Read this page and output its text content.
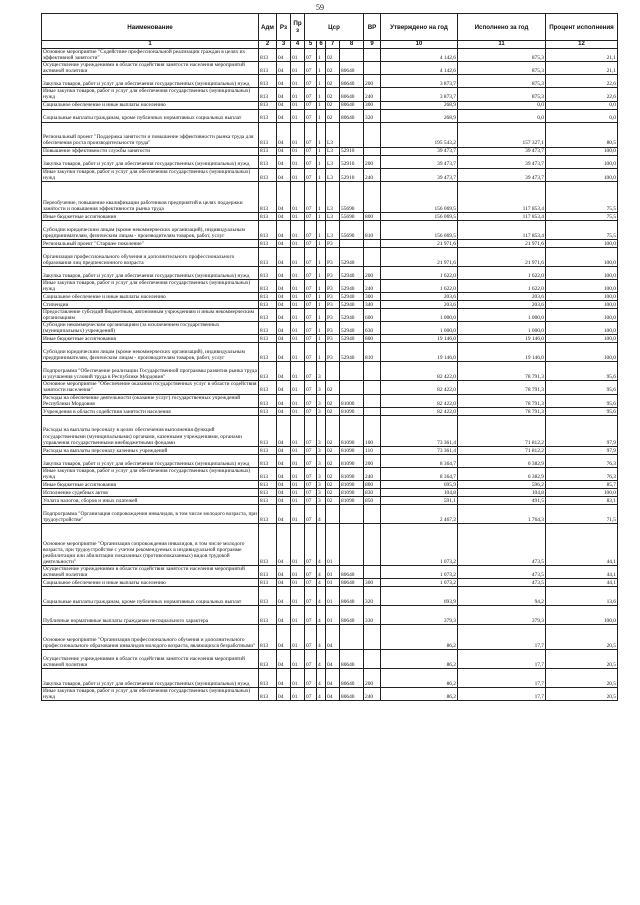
59
Наименование	Адм	Рз	Прз	Цср				ВР	Утверждено на год	Исполнено за год	Процент исполнения
1	2	3	4	5	6	7	8	9	10	11	12
Основное мероприятие "Содействие профессиональной реализации граждан в целях их эффективной занятости"	813	04	01	07	1	02			4 142,6	875,3	21,1
Осуществление учреждениями в области содействия занятости населения мероприятий активной политики	813	04	01	07	1	02	80640		4 142,6	875,3	21,1
Закупка товаров, работ и услуг для обеспечения государственных (муниципальных) нужд	813	04	01	07	1	02	80640	200	3 873,7	875,3	22,6
Иные закупки товаров, работ и услуг для обеспечения государственных (муниципальных) нужд	813	04	01	07	1	02	80640	240	3 873,7	875,3	22,6
Социальное обеспечение и иные выплаты населению	813	04	01	07	1	02	80640	300	268,9	0,0	0,0
Социальные выплаты гражданам, кроме публичных нормативных социальных выплат	813	04	01	07	1	02	80640	320	268,9	0,0	0,0
Региональный проект "Поддержка занятости и повышение эффективности рынка труда для обеспечения роста производительности труда"	813	04	01	07	1	L3			195 543,2	157 327,1	80,5
Повышение эффективности службы занятости	813	04	01	07	1	L3	52910		39 473,7	39 473,7	100,0
Закупка товаров, работ и услуг для обеспечения государственных (муниципальных) нужд	813	04	01	07	1	L3	52910	200	39 473,7	39 473,7	100,0
Иные закупки товаров, работ и услуг для обеспечения государственных (муниципальных) нужд	813	04	01	07	1	L3	52910	240	39 473,7	39 473,7	100,0
Переобучение, повышение квалификации работников предприятий в целях поддержки занятости и повышения эффективности рынка труда	813	04	01	07	1	L3	55690		156 069,5	117 853,4	75,5
Иные бюджетные ассигнования	813	04	01	07	1	L3	55690	800	156 069,5	117 853,4	75,5
Субсидии юридическим лицам (кроме некоммерческих организаций), индивидуальным предпринимателям, физическим лицам - производителям товаров, работ, услуг	813	04	01	07	1	L3	55690	810	156 069,5	117 853,4	75,5
Региональный проект "Старшее поколение"	813	04	01	07	1	P3			21 971,6	21 971,6	100,0
Организация профессионального обучения и дополнительного профессионального образования лиц предпенсионного возраста	813	04	01	07	1	P3	52940		21 971,6	21 971,6	100,0
Закупка товаров, работ и услуг для обеспечения государственных (муниципальных) нужд	813	04	01	07	1	P3	52940	200	1 622,0	1 622,0	100,0
Иные закупки товаров, работ и услуг для обеспечения государственных (муниципальных) нужд	813	04	01	07	1	P3	52940	240	1 622,0	1 622,0	100,0
Социальное обеспечение и иные выплаты населению	813	04	01	07	1	P3	52940	300	203,6	203,6	100,0
Стипендии	813	04	01	07	1	P3	52940	340	203,6	203,6	100,0
Предоставление субсидий бюджетным, автономным учреждениям и иным некоммерческим организациям	813	04	01	07	1	P3	52940	600	1 000,0	1 000,0	100,0
Субсидии некоммерческим организациям (за исключением государственных (муниципальных) учреждений)	813	04	01	07	1	P3	52940	630	1 000,0	1 000,0	100,0
Иные бюджетные ассигнования	813	04	01	07	1	P3	52940	800	19 146,0	19 146,0	100,0
Субсидии юридическим лицам (кроме некоммерческих организаций), индивидуальным предпринимателям, физическим лицам - производителям товаров, работ, услуг	813	04	01	07	1	P3	52940	810	19 146,0	19 146,0	100,0
Подпрограмма "Обеспечение реализации Государственной программы развития рынка труда и улучшения условий труда в Республике Мордовия"	813	04	01	07	3				82 422,0	78 791,3	95,6
Основное мероприятие "Обеспечение оказания государственных услуг в области содействия занятости населения"	813	04	01	07	3	02			82 422,0	78 791,3	95,6
Расходы на обеспечение деятельности (оказание услуг) государственных учреждений Республики Мордовия	813	04	01	07	3	02	81000		82 422,0	78 791,3	95,6
Учреждения в области содействия занятости населения	813	04	01	07	3	02	81090		82 422,0	78 791,3	95,6
Расходы на выплаты персоналу в целях обеспечения выполнения функций государственными (муниципальными) органами, казенными учреждениями, органами управления государственными внебюджетными фондами	813	04	01	07	3	02	81090	100	73 361,4	71 812,2	97,9
Расходы на выплаты персоналу казенных учреждений	813	04	01	07	3	02	81090	110	73 361,4	71 812,2	97,9
Закупка товаров, работ и услуг для обеспечения государственных (муниципальных) нужд	813	04	01	07	3	02	81090	200	8 364,7	6 382,9	76,3
Иные закупки товаров, работ и услуг для обеспечения государственных (муниципальных) нужд	813	04	01	07	3	02	81090	240	8 364,7	6 382,9	76,3
Иные бюджетные ассигнования	813	04	01	07	3	02	81090	800	695,9	596,2	85,7
Исполнение судебных актов	813	04	01	07	3	02	81090	830	104,8	104,8	100,0
Уплата налогов, сборов и иных платежей	813	04	01	07	3	02	81090	850	591,1	491,5	83,1
Подпрограмма "Организация сопровождения инвалидов, в том числе молодого возраста, при трудоустройстве"	813	04	01	07	4				2 467,2	1 764,3	71,5
Основное мероприятие "Организация сопровождения инвалидов, в том числе молодого возраста, при трудоустройстве с учетом рекомендуемых в индивидуальной программе реабилитации или абилитации показанных (противопоказанных) видов трудовой деятельности"	813	04	01	07	4	01			1 073,2	473,5	44,1
Осуществление учреждениями в области содействия занятости населения мероприятий активной политики	813	04	01	07	4	01	80640		1 073,2	473,5	44,1
Социальное обеспечение и иные выплаты населению	813	04	01	07	4	01	80640	300	1 073,2	473,5	44,1
Социальные выплаты гражданам, кроме публичных нормативных социальных выплат	813	04	01	07	4	01	80640	320	693,9	94,2	13,6
Публичные нормативные выплаты гражданам несоциального характера	813	04	01	07	4	01	80640	330	379,3	379,3	100,0
Основное мероприятие "Организация профессионального обучения и дополнительного профессионального образования инвалидов молодого возраста, являющихся безработными"	813	04	01	07	4	04			86,2	17,7	20,5
Осуществление учреждениями в области содействия занятости населения мероприятий активной политики	813	04	01	07	4	04	80640		86,2	17,7	20,5
Закупка товаров, работ и услуг для обеспечения государственных (муниципальных) нужд	813	04	01	07	4	04	80640	200	86,2	17,7	20,5
Иные закупки товаров, работ и услуг для обеспечения государственных (муниципальных) нужд	813	04	01	07	4	04	80640	240	86,2	17,7	20,5
